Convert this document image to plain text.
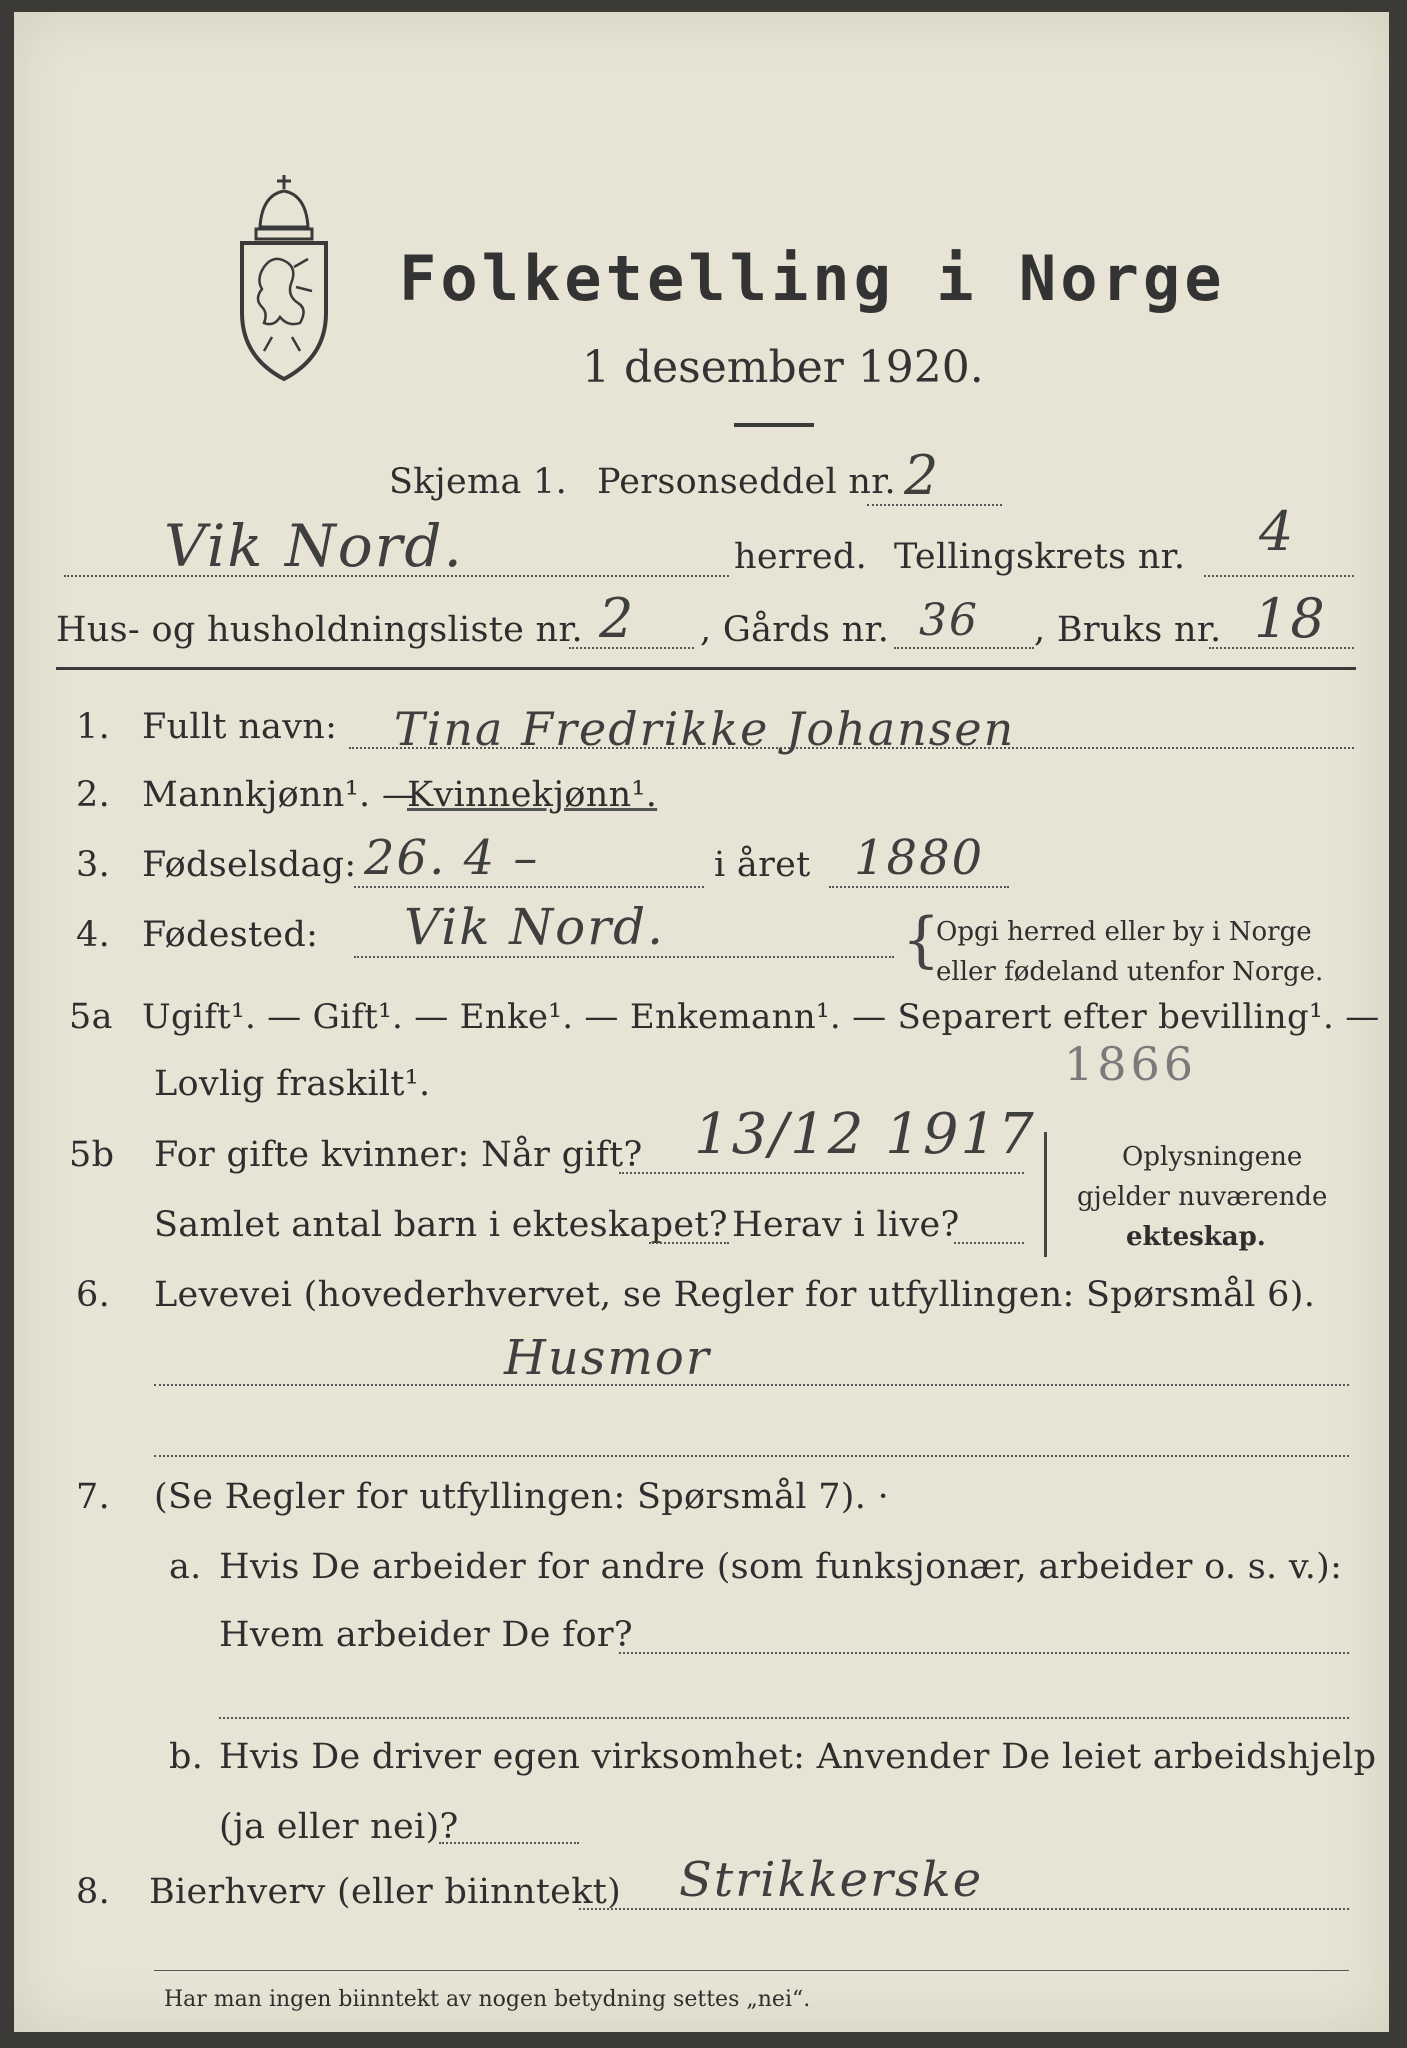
Folketelling i Norge
1 desember 1920.
Skjema 1. Personseddel nr. 2
Vik Nord.	herred. Tellingskrets nr. 4
Hus- og husholdningsliste nr. 2 , Gårds nr. 36 , Bruks nr. 18
1. Fullt navn: Tina Fredrikke Johansen
2. Mannkjønn¹. —
Kvinnekjønn¹.
3. Fødselsdag: 26. 4 –	i året 1880
4. Fødested: Vik Nord.	{
Opgi herred eller by i Norge
eller fødeland utenfor Norge.
5a Ugift¹. — Gift¹. — Enke¹. — Enkemann¹. — Separert efter bevilling¹. —
Lovlig fraskilt¹.	1866
5b For gifte kvinner: Når gift? 13/12 1917
Samlet antal barn i ekteskapet? Herav i live?
Oplysningene
gjelder nuværende
ekteskap.
6. Levevei (hovederhvervet, se Regler for utfyllingen: Spørsmål 6).
Husmor
7. (Se Regler for utfyllingen: Spørsmål 7). ·
a. Hvis De arbeider for andre (som funksjonær, arbeider o. s. v.):
Hvem arbeider De for?
b. Hvis De driver egen virksomhet: Anvender De leiet arbeidshjelp
(ja eller nei)?
8. Bierhverv (eller biinntekt) Strikkerske
Har man ingen biinntekt av nogen betydning settes „nei“.
